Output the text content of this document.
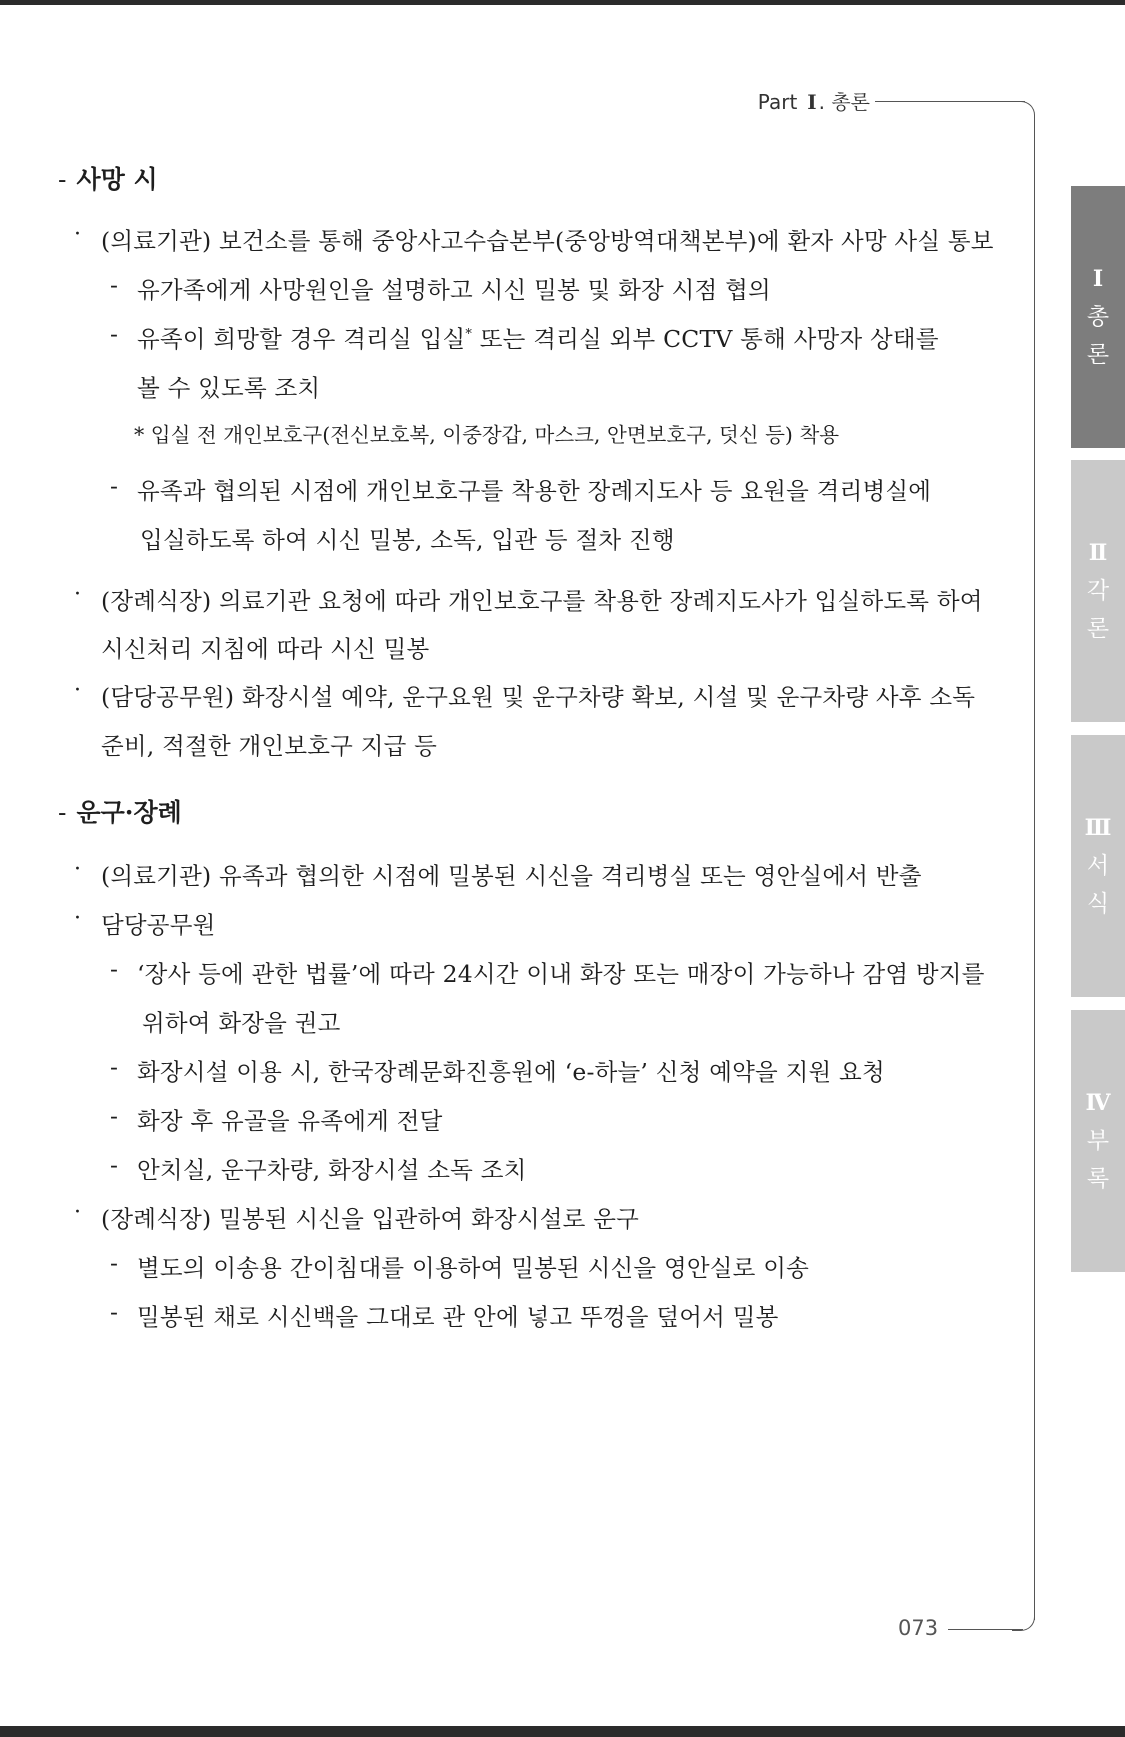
Part Ⅰ . 총론
073
Ⅰ
총
론
Ⅱ
각
론
Ⅲ
서
식
Ⅳ
부
록
- 사망 시
· (의료기관) 보건소를 통해 중앙사고수습본부(중앙방역대책본부)에 환자 사망 사실 통보
- 유가족에게 사망원인을 설명하고 시신 밀봉 및 화장 시점 협의
- 유족이 희망할 경우 격리실 입실* 또는 격리실 외부 CCTV 통해 사망자 상태를
볼 수 있도록 조치
* 입실 전 개인보호구(전신보호복, 이중장갑, 마스크, 안면보호구, 덧신 등) 착용
- 유족과 협의된 시점에 개인보호구를 착용한 장례지도사 등 요원을 격리병실에
입실하도록 하여 시신 밀봉, 소독, 입관 등 절차 진행
· (장례식장) 의료기관 요청에 따라 개인보호구를 착용한 장례지도사가 입실하도록 하여
시신처리 지침에 따라 시신 밀봉
· (담당공무원) 화장시설 예약, 운구요원 및 운구차량 확보, 시설 및 운구차량 사후 소독
준비, 적절한 개인보호구 지급 등
- 운구·장례
· (의료기관) 유족과 협의한 시점에 밀봉된 시신을 격리병실 또는 영안실에서 반출
· 담당공무원
- ‘장사 등에 관한 법률’에 따라 24시간 이내 화장 또는 매장이 가능하나 감염 방지를
위하여 화장을 권고
- 화장시설 이용 시, 한국장례문화진흥원에 ‘e-하늘’ 신청 예약을 지원 요청
- 화장 후 유골을 유족에게 전달
- 안치실, 운구차량, 화장시설 소독 조치
· (장례식장) 밀봉된 시신을 입관하여 화장시설로 운구
- 별도의 이송용 간이침대를 이용하여 밀봉된 시신을 영안실로 이송
- 밀봉된 채로 시신백을 그대로 관 안에 넣고 뚜껑을 덮어서 밀봉
